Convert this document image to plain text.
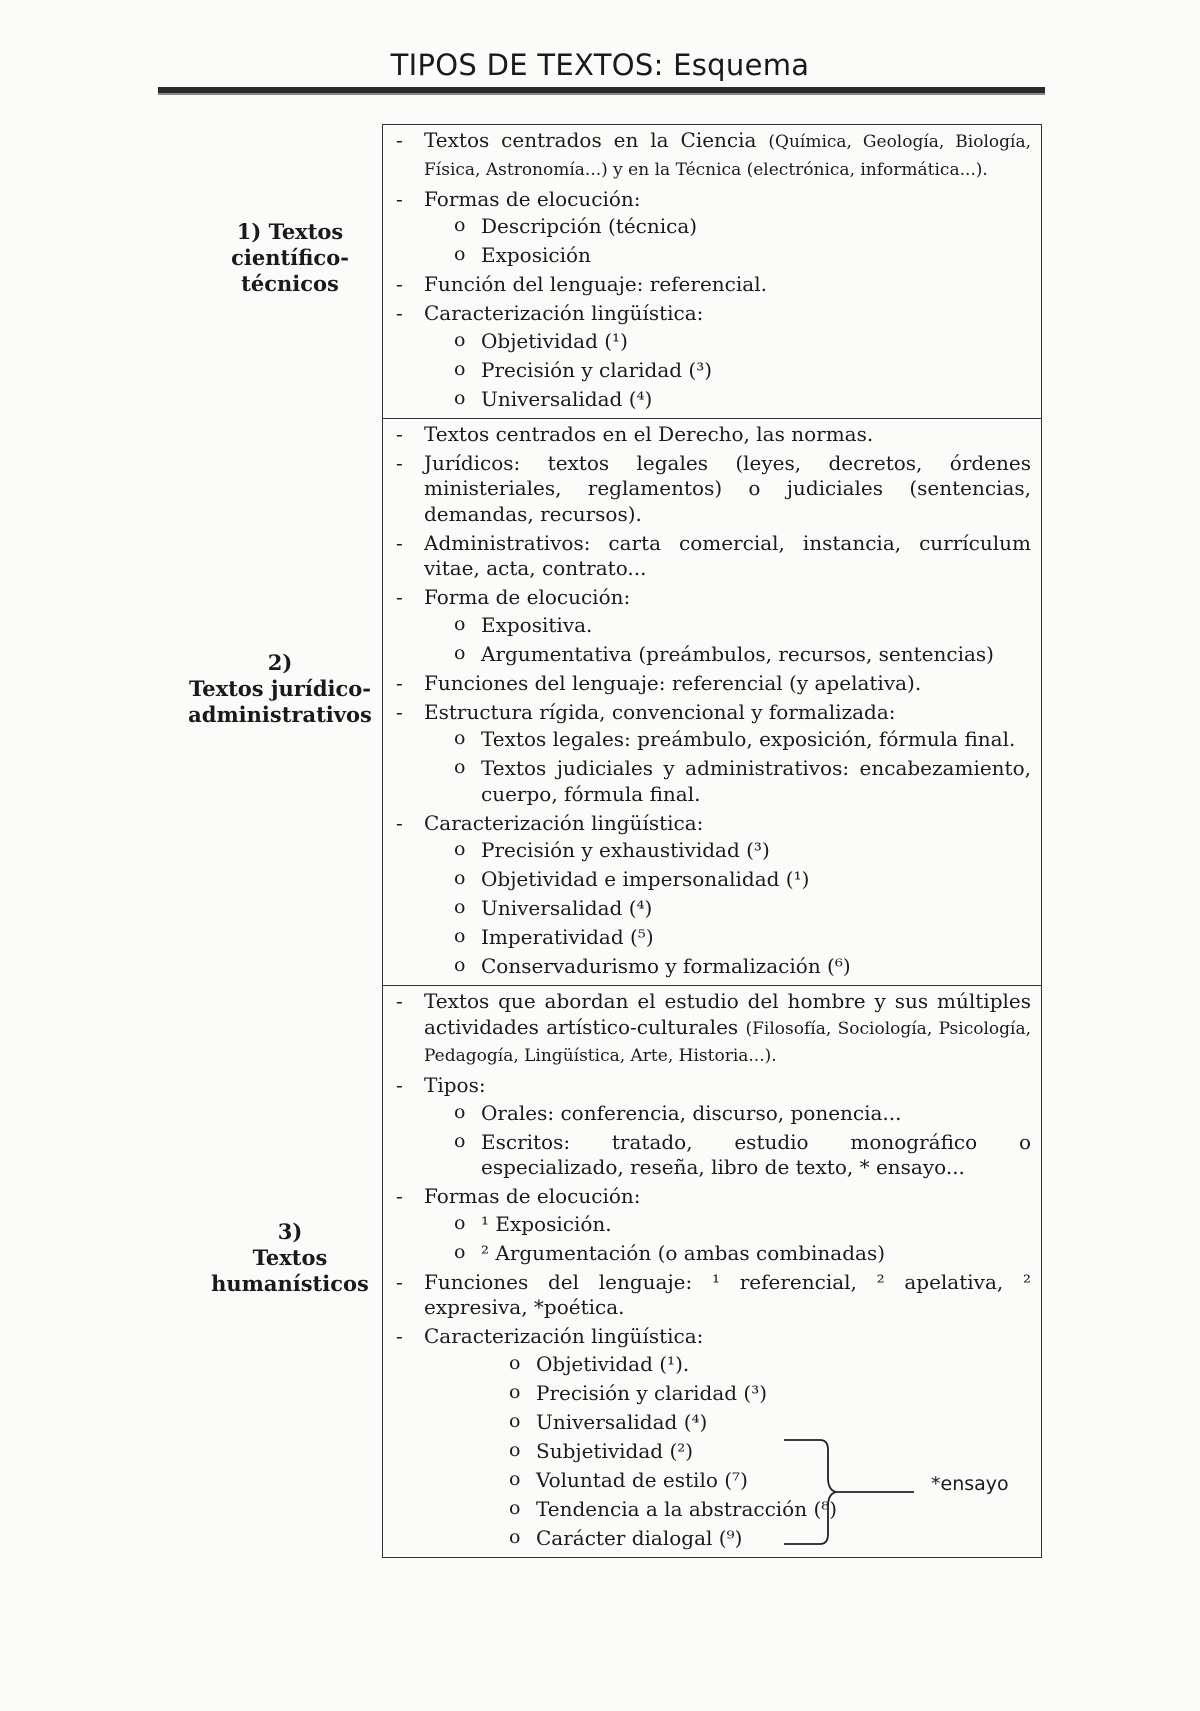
TIPOS DE TEXTOS: Esquema
1) Textos
científico-
técnicos
2)
Textos jurídico-
administrativos
3)
Textos
humanísticos
- Textos centrados en la Ciencia (Química, Geología, Biología, Física, Astronomía...) y en la Técnica (electrónica, informática...).
- Formas de elocución:
o Descripción (técnica)
o Exposición
- Función del lenguaje: referencial.
- Caracterización lingüística:
o Objetividad (¹)
o Precisión y claridad (³)
o Universalidad (⁴)
- Textos centrados en el Derecho, las normas.
- Jurídicos: textos legales (leyes, decretos, órdenes ministeriales, reglamentos) o judiciales (sentencias, demandas, recursos).
- Administrativos: carta comercial, instancia, currículum vitae, acta, contrato...
- Forma de elocución:
o Expositiva.
o Argumentativa (preámbulos, recursos, sentencias)
- Funciones del lenguaje: referencial (y apelativa).
- Estructura rígida, convencional y formalizada:
o Textos legales: preámbulo, exposición, fórmula final.
o Textos judiciales y administrativos: encabezamiento, cuerpo, fórmula final.
- Caracterización lingüística:
o Precisión y exhaustividad (³)
o Objetividad e impersonalidad (¹)
o Universalidad (⁴)
o Imperatividad (⁵)
o Conservadurismo y formalización (⁶)
- Textos que abordan el estudio del hombre y sus múltiples actividades artístico-culturales (Filosofía, Sociología, Psicología, Pedagogía, Lingüística, Arte, Historia...).
- Tipos:
o Orales: conferencia, discurso, ponencia...
o Escritos: tratado, estudio monográfico o especializado, reseña, libro de texto, * ensayo...
- Formas de elocución:
o ¹ Exposición.
o ² Argumentación (o ambas combinadas)
- Funciones del lenguaje: ¹ referencial, ² apelativa, ² expresiva, *poética.
- Caracterización lingüística:
o Objetividad (¹).
o Precisión y claridad (³)
o Universalidad (⁴)
o Subjetividad (²)
o Voluntad de estilo (⁷)
o Tendencia a la abstracción (⁸)
o Carácter dialogal (⁹)
*ensayo
